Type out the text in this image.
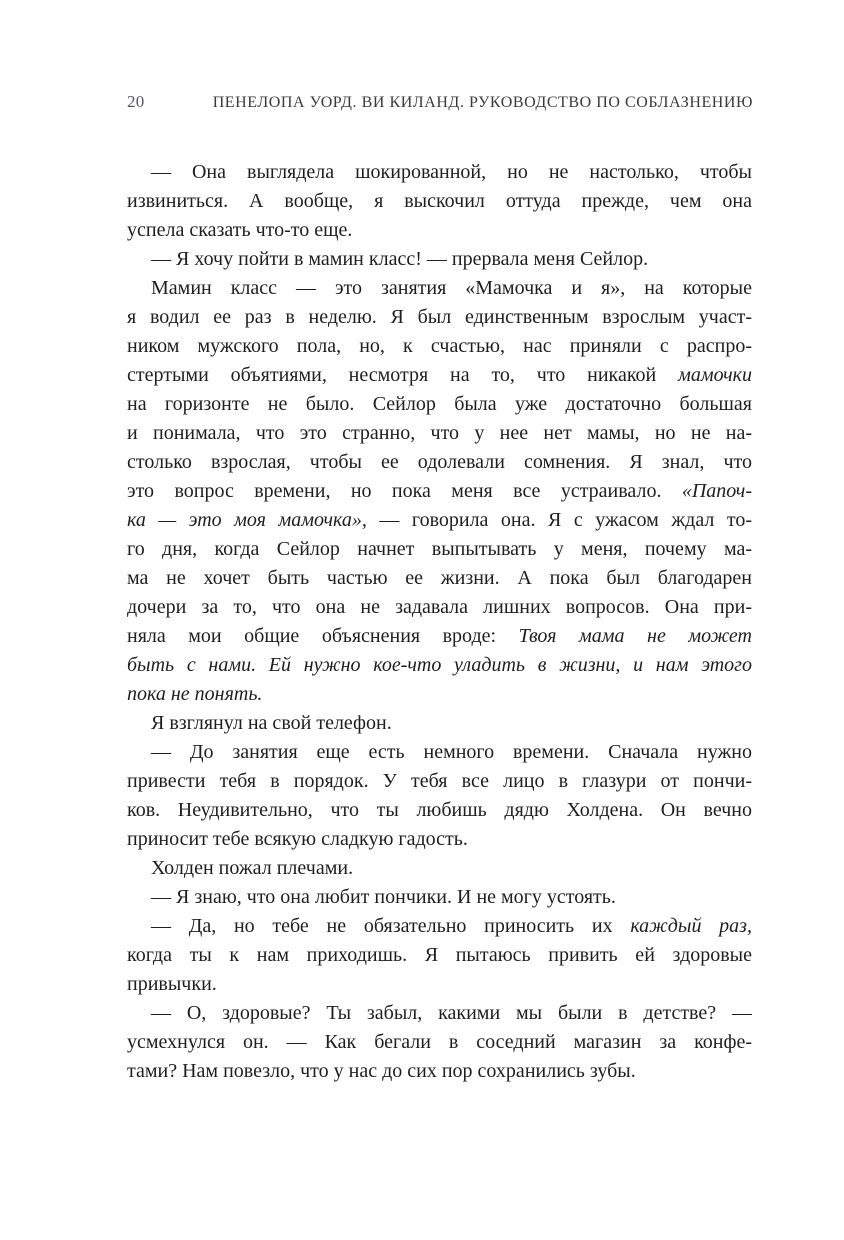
20	ПЕНЕЛОПА УОРД. ВИ КИЛАНД. РУКОВОДСТВО ПО СОБЛАЗНЕНИЮ
— Она выглядела шокированной, но не настолько, чтобы
извиниться. А вообще, я выскочил оттуда прежде, чем она
успела сказать что-то еще.
— Я хочу пойти в мамин класс! — прервала меня Сейлор.
Мамин класс — это занятия «Мамочка и я», на которые
я водил ее раз в неделю. Я был единственным взрослым участ-
ником мужского пола, но, к счастью, нас приняли с распро-
стертыми объятиями, несмотря на то, что никакой мамочки
на горизонте не было. Сейлор была уже достаточно большая
и понимала, что это странно, что у нее нет мамы, но не на-
столько взрослая, чтобы ее одолевали сомнения. Я знал, что
это вопрос времени, но пока меня все устраивало. «Папоч-
ка — это моя мамочка», — говорила она. Я с ужасом ждал то-
го дня, когда Сейлор начнет выпытывать у меня, почему ма-
ма не хочет быть частью ее жизни. А пока был благодарен
дочери за то, что она не задавала лишних вопросов. Она при-
няла мои общие объяснения вроде: Твоя мама не может
быть с нами. Ей нужно кое-что уладить в жизни, и нам этого
пока не понять.
Я взглянул на свой телефон.
— До занятия еще есть немного времени. Сначала нужно
привести тебя в порядок. У тебя все лицо в глазури от пончи-
ков. Неудивительно, что ты любишь дядю Холдена. Он вечно
приносит тебе всякую сладкую гадость.
Холден пожал плечами.
— Я знаю, что она любит пончики. И не могу устоять.
— Да, но тебе не обязательно приносить их каждый раз,
когда ты к нам приходишь. Я пытаюсь привить ей здоровые
привычки.
— О, здоровые? Ты забыл, какими мы были в детстве? —
усмехнулся он. — Как бегали в соседний магазин за конфе-
тами? Нам повезло, что у нас до сих пор сохранились зубы.
